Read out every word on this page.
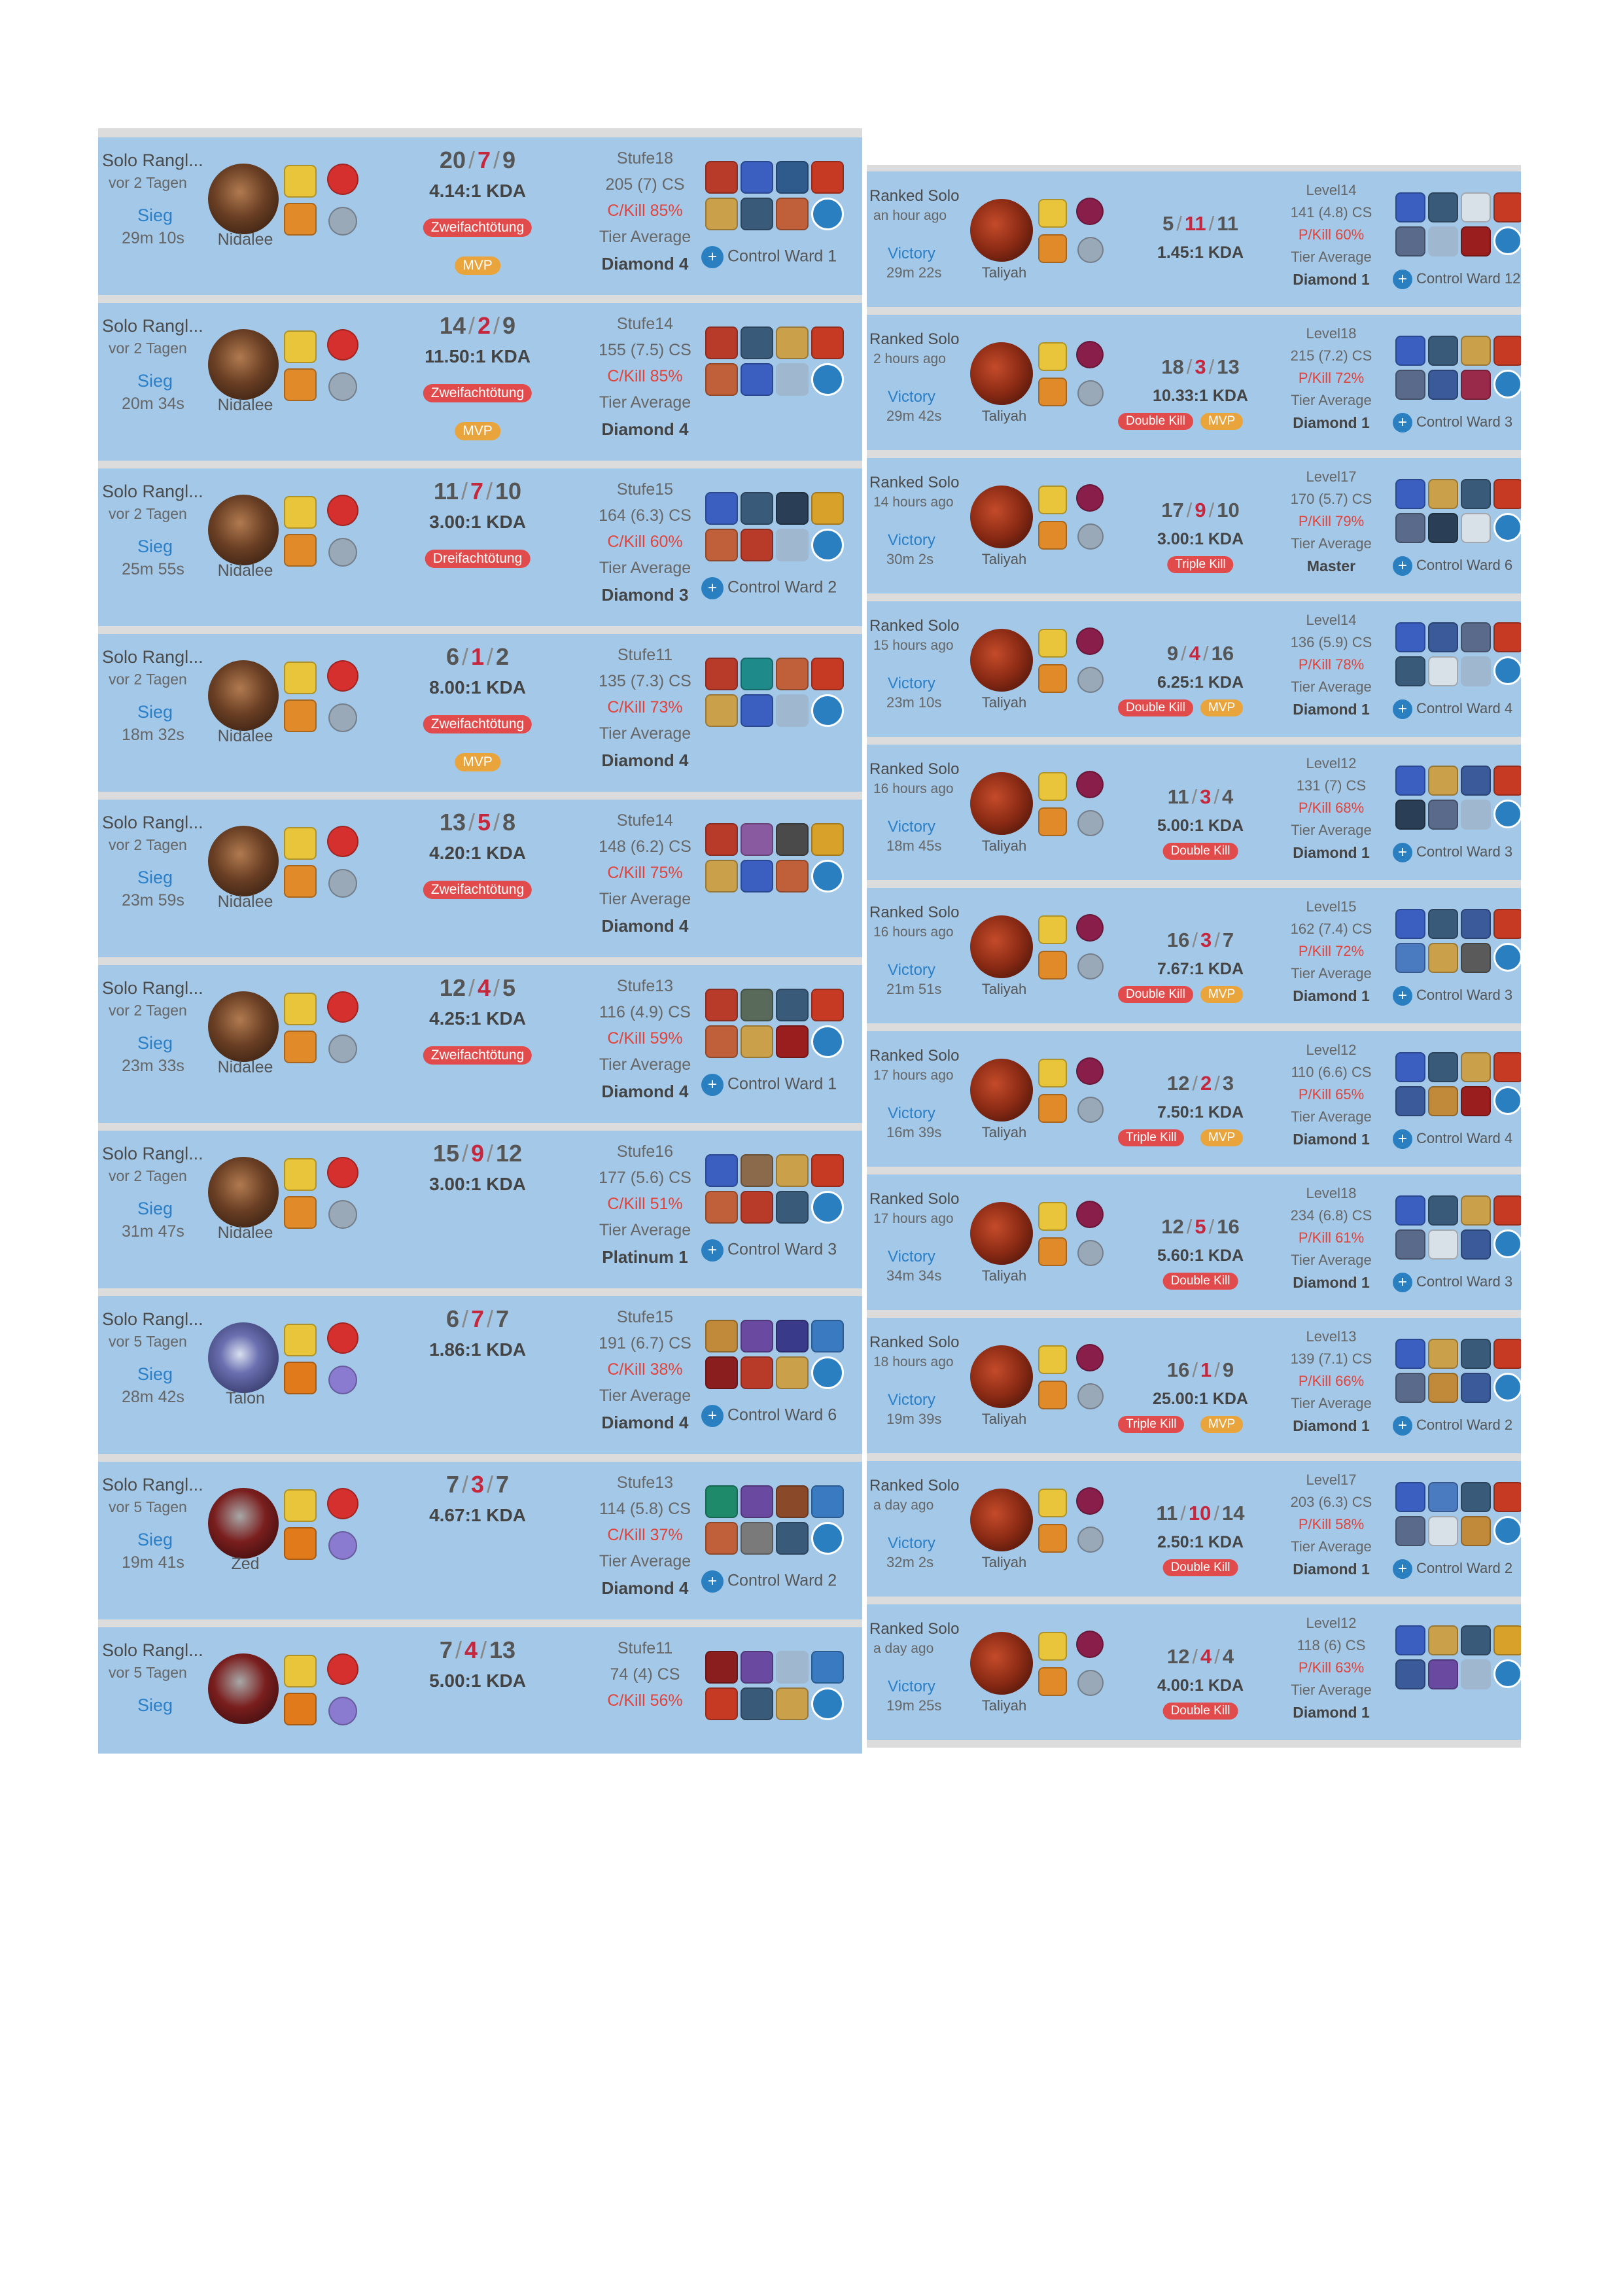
Solo Rangl...
vor 2 Tagen
Sieg
29m 10s Nidalee
20 / 7 / 9
4.14:1 KDA
Zweifachtötung
MVP
Stufe18
205 (7) CS
C/Kill 85%
Tier Average
Diamond 4	+ Control Ward 1
Solo Rangl...
vor 2 Tagen
Sieg
20m 34s Nidalee
14 / 2 / 9
11.50:1 KDA
Zweifachtötung
MVP
Stufe14
155 (7.5) CS
C/Kill 85%
Tier Average
Diamond 4
Solo Rangl...
vor 2 Tagen
Sieg
25m 55s Nidalee
11 / 7 / 10
3.00:1 KDA
Dreifachtötung
Stufe15
164 (6.3) CS
C/Kill 60%
Tier Average
Diamond 3	+ Control Ward 2
Solo Rangl...
vor 2 Tagen
Sieg
18m 32s Nidalee
6 / 1 / 2
8.00:1 KDA
Zweifachtötung
MVP
Stufe11
135 (7.3) CS
C/Kill 73%
Tier Average
Diamond 4
Solo Rangl...
vor 2 Tagen
Sieg
23m 59s Nidalee
13 / 5 / 8
4.20:1 KDA
Zweifachtötung
Stufe14
148 (6.2) CS
C/Kill 75%
Tier Average
Diamond 4
Solo Rangl...
vor 2 Tagen
Sieg
23m 33s Nidalee
12 / 4 / 5
4.25:1 KDA
Zweifachtötung
Stufe13
116 (4.9) CS
C/Kill 59%
Tier Average
Diamond 4	+ Control Ward 1
Solo Rangl...
vor 2 Tagen
Sieg
31m 47s Nidalee
15 / 9 / 12
3.00:1 KDA
Stufe16
177 (5.6) CS
C/Kill 51%
Tier Average
Platinum 1	+ Control Ward 3
Solo Rangl...
vor 5 Tagen
Sieg
28m 42s	Talon
6 / 7 / 7
1.86:1 KDA
Stufe15
191 (6.7) CS
C/Kill 38%
Tier Average
Diamond 4	+ Control Ward 6
Solo Rangl...
vor 5 Tagen
Sieg
19m 41s	Zed
7 / 3 / 7
4.67:1 KDA
Stufe13
114 (5.8) CS
C/Kill 37%
Tier Average
Diamond 4	+ Control Ward 2
Solo Rangl...
vor 5 Tagen
Sieg
7 / 4 / 13
5.00:1 KDA
Stufe11
74 (4) CS
C/Kill 56%
Ranked Solo
an hour ago
Victory
29m 22s	Taliyah
5 / 11 / 11
1.45:1 KDA
Level14
141 (4.8) CS
P/Kill 60%
Tier Average
Diamond 1	+ Control Ward 12
Ranked Solo
2 hours ago
Victory
29m 42s	Taliyah
18 / 3 / 13
10.33:1 KDA
Double Kill	MVP
Level18
215 (7.2) CS
P/Kill 72%
Tier Average
Diamond 1	+ Control Ward 3
Ranked Solo
14 hours ago
Victory
30m 2s	Taliyah
17 / 9 / 10
3.00:1 KDA
Triple Kill
Level17
170 (5.7) CS
P/Kill 79%
Tier Average
Master	+ Control Ward 6
Ranked Solo
15 hours ago
Victory
23m 10s	Taliyah
9 / 4 / 16
6.25:1 KDA
Double Kill	MVP
Level14
136 (5.9) CS
P/Kill 78%
Tier Average
Diamond 1	+ Control Ward 4
Ranked Solo
16 hours ago
Victory
18m 45s	Taliyah
11 / 3 / 4
5.00:1 KDA
Double Kill
Level12
131 (7) CS
P/Kill 68%
Tier Average
Diamond 1	+ Control Ward 3
Ranked Solo
16 hours ago
Victory
21m 51s	Taliyah
16 / 3 / 7
7.67:1 KDA
Double Kill	MVP
Level15
162 (7.4) CS
P/Kill 72%
Tier Average
Diamond 1	+ Control Ward 3
Ranked Solo
17 hours ago
Victory
16m 39s	Taliyah
12 / 2 / 3
7.50:1 KDA
Triple Kill	MVP
Level12
110 (6.6) CS
P/Kill 65%
Tier Average
Diamond 1	+ Control Ward 4
Ranked Solo
17 hours ago
Victory
34m 34s	Taliyah
12 / 5 / 16
5.60:1 KDA
Double Kill
Level18
234 (6.8) CS
P/Kill 61%
Tier Average
Diamond 1	+ Control Ward 3
Ranked Solo
18 hours ago
Victory
19m 39s	Taliyah
16 / 1 / 9
25.00:1 KDA
Triple Kill	MVP
Level13
139 (7.1) CS
P/Kill 66%
Tier Average
Diamond 1	+ Control Ward 2
Ranked Solo
a day ago
Victory
32m 2s	Taliyah
11 / 10 / 14
2.50:1 KDA
Double Kill
Level17
203 (6.3) CS
P/Kill 58%
Tier Average
Diamond 1	+ Control Ward 2
Ranked Solo
a day ago
Victory
19m 25s	Taliyah
12 / 4 / 4
4.00:1 KDA
Double Kill
Level12
118 (6) CS
P/Kill 63%
Tier Average
Diamond 1
